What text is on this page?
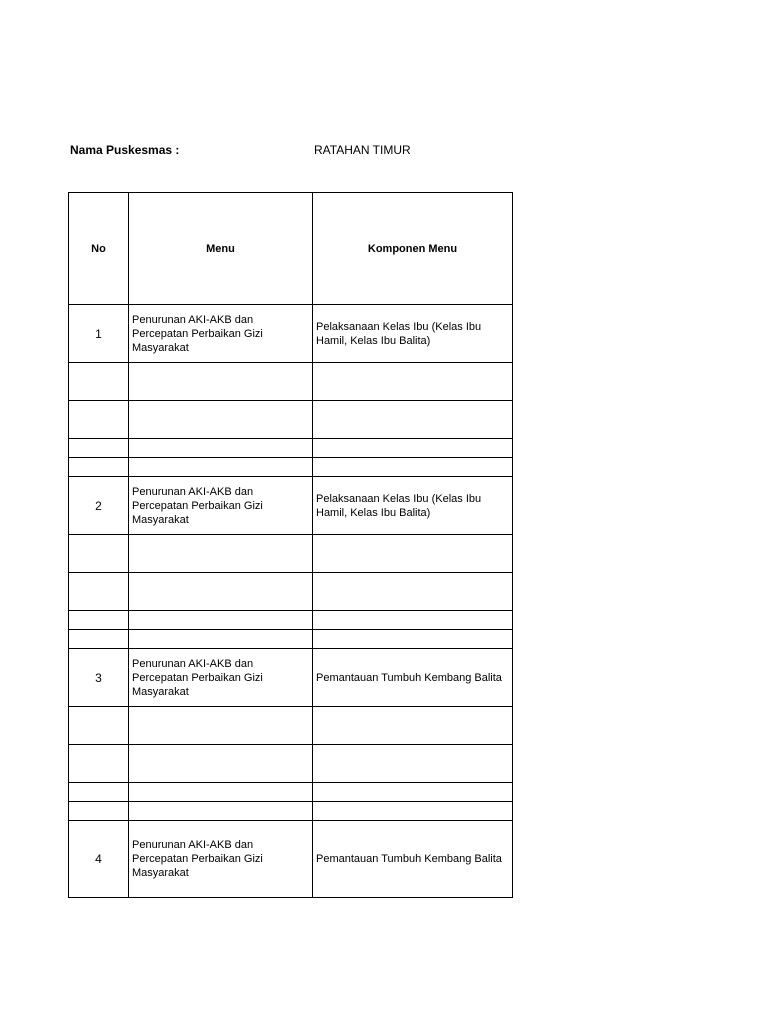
Nama Puskesmas :	RATAHAN TIMUR
No	Menu	Komponen Menu
1	Penurunan AKI-AKB dan Percepatan Perbaikan Gizi Masyarakat	Pelaksanaan Kelas Ibu (Kelas Ibu Hamil, Kelas Ibu Balita)

2	Penurunan AKI-AKB dan Percepatan Perbaikan Gizi Masyarakat	Pelaksanaan Kelas Ibu (Kelas Ibu Hamil, Kelas Ibu Balita)

3	Penurunan AKI-AKB dan Percepatan Perbaikan Gizi Masyarakat	Pemantauan Tumbuh Kembang Balita

4	Penurunan AKI-AKB dan Percepatan Perbaikan Gizi Masyarakat	Pemantauan Tumbuh Kembang Balita
